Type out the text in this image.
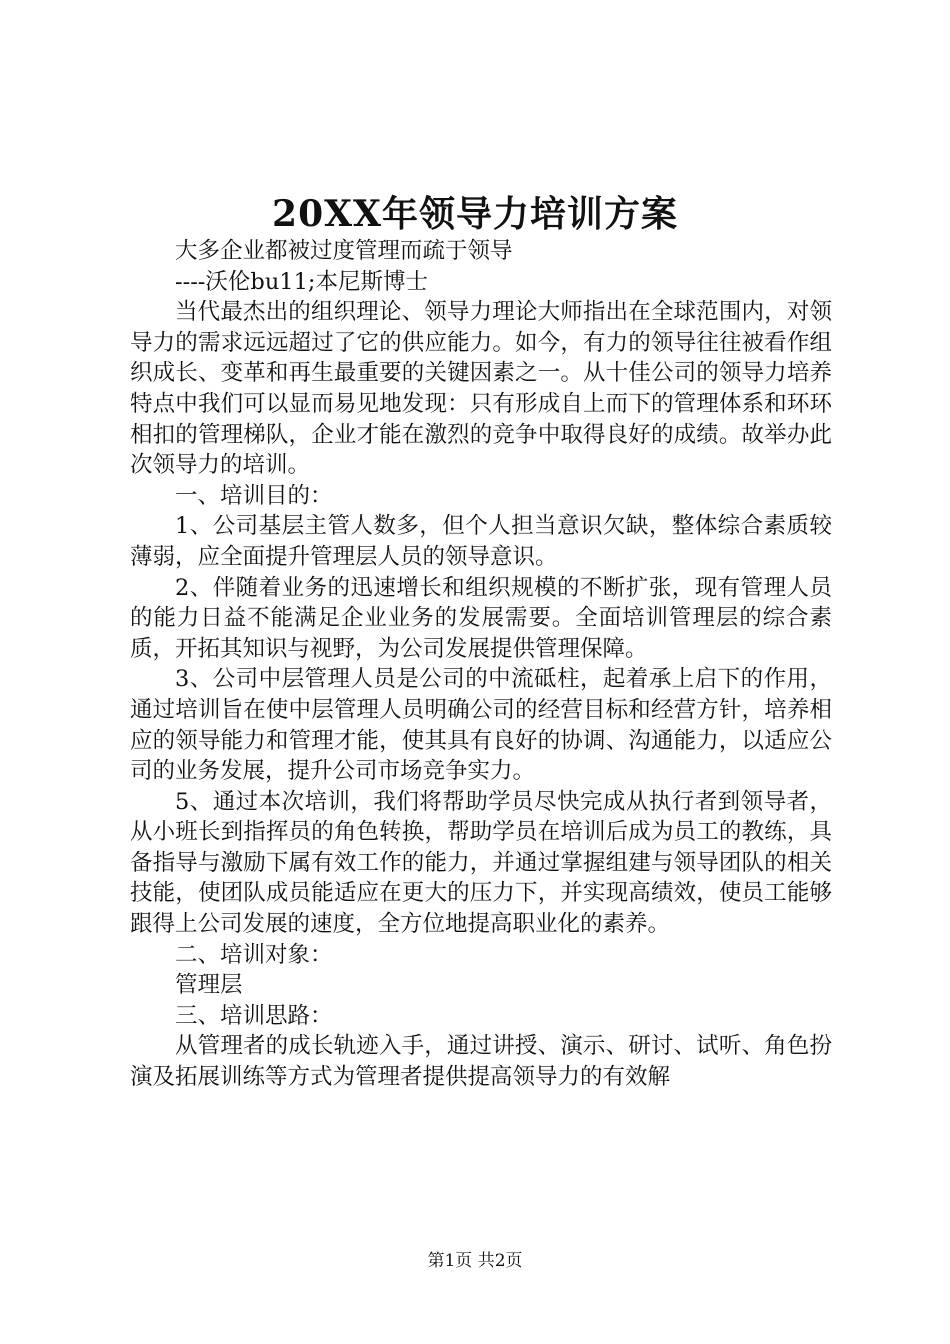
20XX年领导力培训方案

大多企业都被过度管理而疏于领导

----沃伦bu11;本尼斯博士

当代最杰出的组织理论、领导力理论大师指出在全球范围内，对领导力的需求远远超过了它的供应能力。如今，有力的领导往往被看作组织成长、变革和再生最重要的关键因素之一。从十佳公司的领导力培养特点中我们可以显而易见地发现：只有形成自上而下的管理体系和环环相扣的管理梯队，企业才能在激烈的竞争中取得良好的成绩。故举办此次领导力的培训。

一、培训目的：

1、公司基层主管人数多，但个人担当意识欠缺，整体综合素质较薄弱，应全面提升管理层人员的领导意识。

2、伴随着业务的迅速增长和组织规模的不断扩张，现有管理人员的能力日益不能满足企业业务的发展需要。全面培训管理层的综合素质，开拓其知识与视野，为公司发展提供管理保障。

3、公司中层管理人员是公司的中流砥柱，起着承上启下的作用，通过培训旨在使中层管理人员明确公司的经营目标和经营方针，培养相应的领导能力和管理才能，使其具有良好的协调、沟通能力，以适应公司的业务发展，提升公司市场竞争实力。

5、通过本次培训，我们将帮助学员尽快完成从执行者到领导者，从小班长到指挥员的角色转换，帮助学员在培训后成为员工的教练，具备指导与激励下属有效工作的能力，并通过掌握组建与领导团队的相关技能，使团队成员能适应在更大的压力下，并实现高绩效，使员工能够跟得上公司发展的速度，全方位地提高职业化的素养。

二、培训对象：

管理层

三、培训思路：

从管理者的成长轨迹入手，通过讲授、演示、研讨、试听、角色扮演及拓展训练等方式为管理者提供提高领导力的有效解

第1页 共2页
